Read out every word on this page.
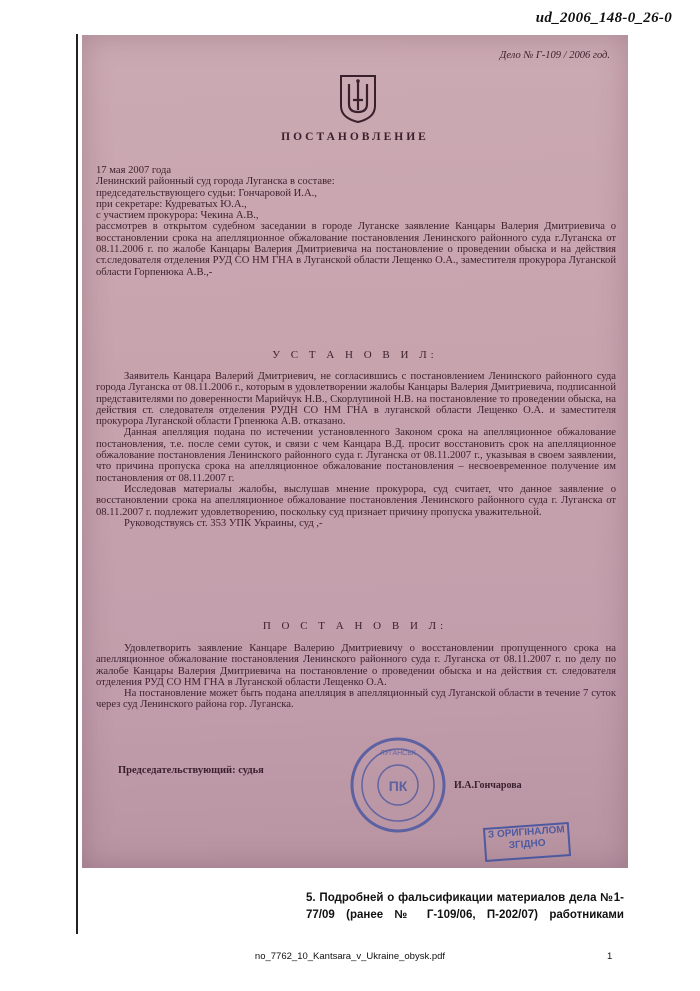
ud_2006_148-0_26-0
Дело № Г-109 / 2006 год.
ПОСТАНОВЛЕНИЕ

17 мая 2007 года

Ленинский районный суд города Луганска в составе:

председательствующего судьи: Гончаровой И.А.,

при секретаре: Кудреватых Ю.А.,

с участием прокурора: Чекина А.В.,

рассмотрев в открытом судебном заседании в городе Луганске заявление Канцары Валерия Дмитриевича о восстановлении срока на апелляционное обжалование постановления Ленинского районного суда г.Луганска от 08.11.2006 г. по жалобе Канцары Валерия Дмитриевича на постановление о проведении обыска и на действия ст.следователя отделения РУД СО НМ ГНА в Луганской области Лещенко О.А., заместителя прокурора Луганской области Горпенюка А.В.,-

У С Т А Н О В И Л:

Заявитель Канцара Валерий Дмитриевич, не согласившись с постановлением Ленинского районного суда города Луганска от 08.11.2006 г., которым в удовлетворении жалобы Канцары Валерия Дмитриевича, подписанной представителями по доверенности Марийчук Н.В., Скорлупиной Н.В. на постановление то проведении обыска, на действия ст. следователя отделения РУДН СО НМ ГНА в луганской области Лещенко О.А. и заместителя прокурора Луганской области Грпенюка А.В. отказано.

Данная апелляция подана по истечении установленного Законом срока на апелляционное обжалование постановления, т.е. после семи суток, и связи с чем Канцара В.Д. просит восстановить срок на апелляционное обжалование постановления Ленинского районного суда г. Луганска от 08.11.2007 г., указывая в своем заявлении, что причина пропуска срока на апелляционное обжалование постановления – несвоевременное получение им постановления от 08.11.2007 г.

Исследовав материалы жалобы, выслушав мнение прокурора, суд считает, что данное заявление о восстановлении срока на апелляционное обжалование постановления Ленинского районного суда г. Луганска от 08.11.2007 г. подлежит удовлетворению, поскольку суд признает причину пропуска уважительной.

Руководствуясь ст. 353 УПК Украины, суд ,-

П О С Т А Н О В И Л:

Удовлетворить заявление Канцаре Валерию Дмитриевичу о восстановлении пропущенного срока на апелляционное обжалование постановления Ленинского районного суда г. Луганска от 08.11.2007 г. по делу по жалобе Канцары Валерия Дмитриевича на постановление о проведении обыска и на действия ст. следователя отделения РУД СО НМ ГНА в Луганской области Лещенко О.А.

На постановление может быть подана апелляция в апелляционный суд Луганской области в течение 7 суток через суд Ленинского района гор. Луганска.

ПК
ЛУГАНСЬК
Председательствующий: судья
И.А.Гончарова
З ОРИГІНАЛОМ ЗГІДНО
5. Подробней о фальсификации материалов дела №1-77/09 (ранее № Г-109/06, П-202/07) работниками
no_7762_10_Kantsara_v_Ukraine_obysk.pdf	1
